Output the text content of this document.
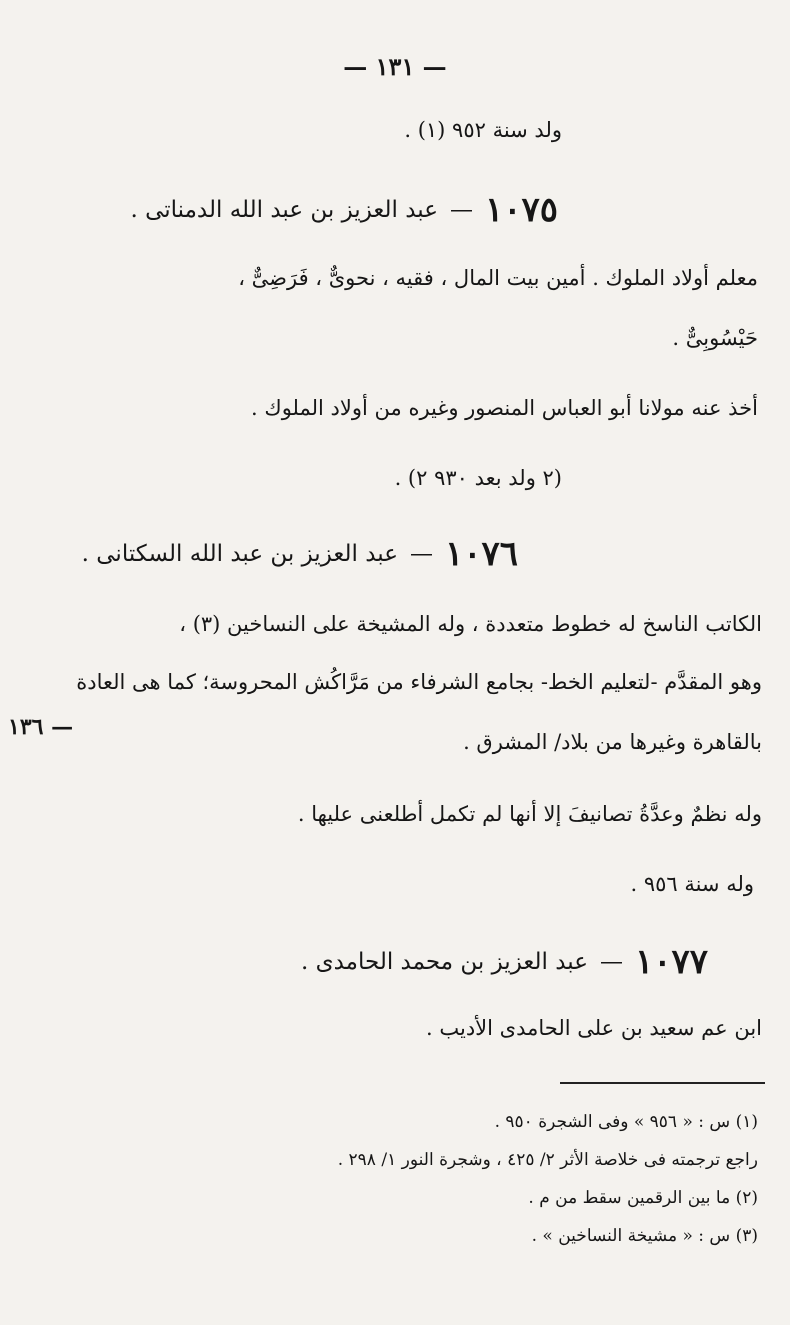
— ١٣١ —
١٣٦ —
ولد سنة ٩٥٢ (١) .
١٠٧٥
—
عبد العزيز بن عبد الله الدمناتى .
معلم أولاد الملوك . أمين بيت المال ، فقيه ، نحوىٌّ ، فَرَضِىٌّ ،
حَيْسُوبِىٌّ .
أخذ عنه مولانا أبو العباس المنصور وغيره من أولاد الملوك .
(٢ ولد بعد ٩٣٠ ٢) .
١٠٧٦
—
عبد العزيز بن عبد الله السكتانى .
الكاتب الناسخ له خطوط متعددة ، وله المشيخة على النساخين (٣) ،
وهو المقدَّم -لتعليم الخط- بجامع الشرفاء من مَرَّاكُش المحروسة؛ كما هى العادة
بالقاهرة وغيرها من بلاد/ المشرق .
وله نظمٌ وعدَّةُ تصانيفَ إلا أنها لم تكمل أطلعنى عليها .
وله سنة ٩٥٦ .
١٠٧٧
—
عبد العزيز بن محمد الحامدى .
ابن عم سعيد بن على الحامدى الأديب .
(١) س : « ٩٥٦ » وفى الشجرة ٩٥٠ .
راجع ترجمته فى خلاصة الأثر ٢/ ٤٢٥ ، وشجرة النور ١/ ٢٩٨ .
(٢) ما بين الرقمين سقط من م .
(٣) س : « مشيخة النساخين » .
